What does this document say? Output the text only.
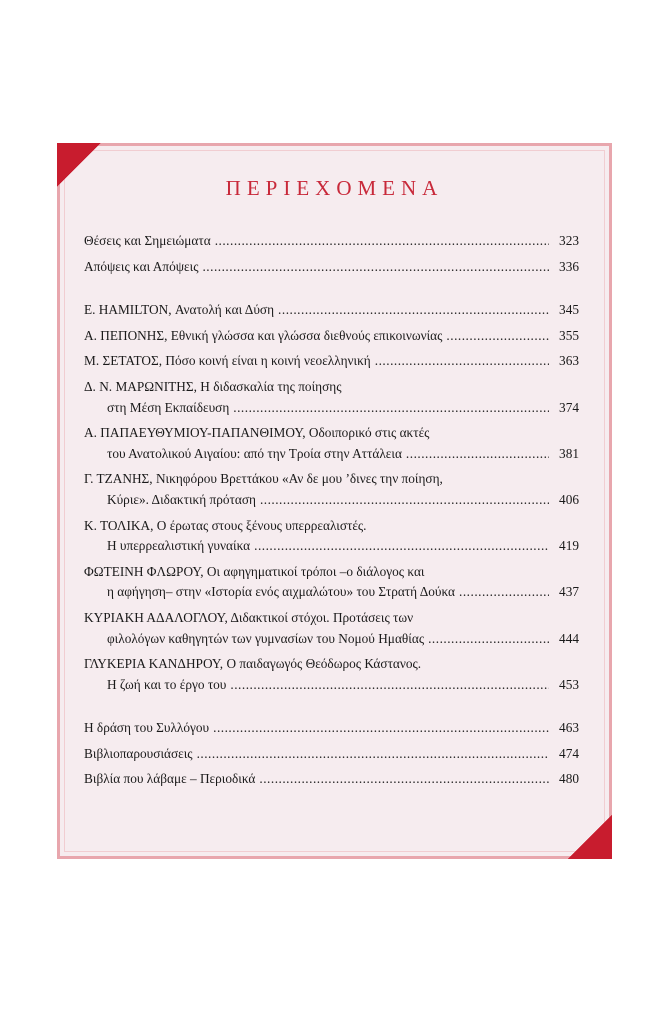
ΠΕΡΙΕΧΟΜΕΝΑ
Θέσεις και Σημειώματα .....	323
Απόψεις και Απόψεις .....	336
Ε. HAMILTON, Ανατολή και Δύση .....	345
Α. ΠΕΠΟΝΗΣ, Εθνική γλώσσα και γλώσσα διεθνούς επικοινωνίας .....	355
Μ. ΣΕΤΑΤΟΣ, Πόσο κοινή είναι η κοινή νεοελληνική .....	363
Δ. Ν. ΜΑΡΩΝΙΤΗΣ, Η διδασκαλία της ποίησης
στη Μέση Εκπαίδευση .....	374
Α. ΠΑΠΑΕΥΘΥΜΙΟΥ-ΠΑΠΑΝΘΙΜΟΥ, Οδοιπορικό στις ακτές
του Ανατολικού Αιγαίου: από την Τροία στην Αττάλεια .....	381
Γ. ΤΖΑΝΗΣ, Νικηφόρου Βρεττάκου «Αν δε μου ’δινες την ποίηση,
Κύριε». Διδακτική πρόταση .....	406
Κ. ΤΟΛΙΚΑ, Ο έρωτας στους ξένους υπερρεαλιστές.
Η υπερρεαλιστική γυναίκα .....	419
ΦΩΤΕΙΝΗ ΦΛΩΡΟΥ, Οι αφηγηματικοί τρόποι –ο διάλογος και
η αφήγηση– στην «Ιστορία ενός αιχμαλώτου» του Στρατή Δούκα .....	437
ΚΥΡΙΑΚΗ ΑΔΑΛΟΓΛΟΥ, Διδακτικοί στόχοι. Προτάσεις των
φιλολόγων καθηγητών των γυμνασίων του Νομού Ημαθίας .....	444
ΓΛΥΚΕΡΙΑ ΚΑΝΔΗΡΟΥ, Ο παιδαγωγός Θεόδωρος Κάστανος.
Η ζωή και το έργο του .....	453
Η δράση του Συλλόγου .....	463
Βιβλιοπαρουσιάσεις .....	474
Βιβλία που λάβαμε – Περιοδικά .....	480
